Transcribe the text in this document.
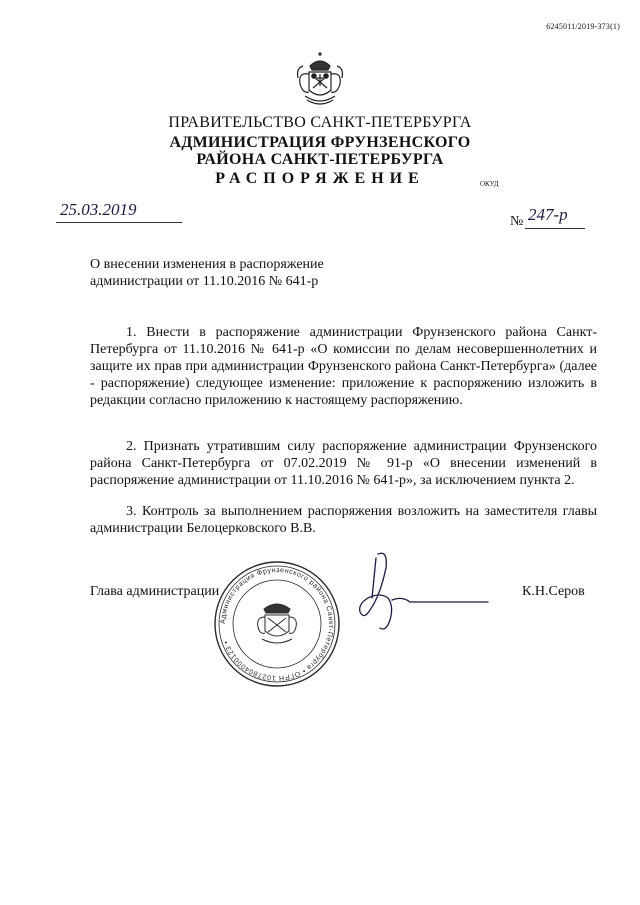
6245011/2019-373(1)
ПРАВИТЕЛЬСТВО САНКТ-ПЕТЕРБУРГА
АДМИНИСТРАЦИЯ ФРУНЗЕНСКОГО
РАЙОНА САНКТ-ПЕТЕРБУРГА
РАСПОРЯЖЕНИЕ	ОКУД
25.03.2019
№ 247-р
О внесении изменения в распоряжение
администрации от 11.10.2016 № 641-р
1. Внести в распоряжение администрации Фрунзенского района Санкт-Петербурга от 11.10.2016 № 641-р «О комиссии по делам несовершеннолетних и защите их прав при администрации Фрунзенского района Санкт-Петербурга» (далее - распоряжение) следующее изменение: приложение к распоряжению изложить в редакции согласно приложению к настоящему распоряжению.
2. Признать утратившим силу распоряжение администрации Фрунзенского района Санкт-Петербурга от 07.02.2019 № 91-р «О внесении изменений в распоряжение администрации от 11.10.2016 № 641-р», за исключением пункта 2.
3. Контроль за выполнением распоряжения возложить на заместителя главы администрации Белоцерковского В.В.
Глава администрации
Администрация Фрунзенского района Санкт-Петербурга • ОГРН 1027804000123 •
К.Н.Серов
